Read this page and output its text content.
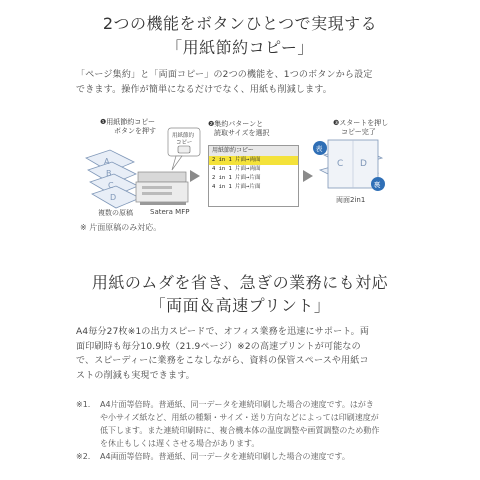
2つの機能をボタンひとつで実現する
「用紙節約コピー」
「ページ集約」と「両面コピー」の2つの機能を、1つのボタンから設定
できます。操作が簡単になるだけでなく、用紙も削減します。
❶用紙節約コピー
ボタンを押す
❷集約パターンと
読取サイズを選択
❸スタートを押し
コピー完了
A
B
C
D
用紙節約
コピー
C D
表
裏
用紙節約コピー
2 in 1 片面→両面
4 in 1 片面→両面
2 in 1 片面→片面
4 in 1 片面→片面
複数の原稿 Satera MFP
両面2in1
※ 片面原稿のみ対応。
用紙のムダを省き、急ぎの業務にも対応
「両面＆高速プリント」
A4毎分27枚※1の出力スピードで、オフィス業務を迅速にサポート。両
面印刷時も毎分10.9枚（21.9ページ）※2の高速プリントが可能なの
で、スピーディーに業務をこなしながら、資料の保管スペースや用紙コ
ストの削減も実現できます。
※1. A4片面等倍時。普通紙、同一データを連続印刷した場合の速度です。はがき
や小サイズ紙など、用紙の種類・サイズ・送り方向などによっては印刷速度が
低下します。また連続印刷時に、複合機本体の温度調整や画質調整のため動作
を休止もしくは遅くさせる場合があります。
※2. A4両面等倍時。普通紙、同一データを連続印刷した場合の速度です。
